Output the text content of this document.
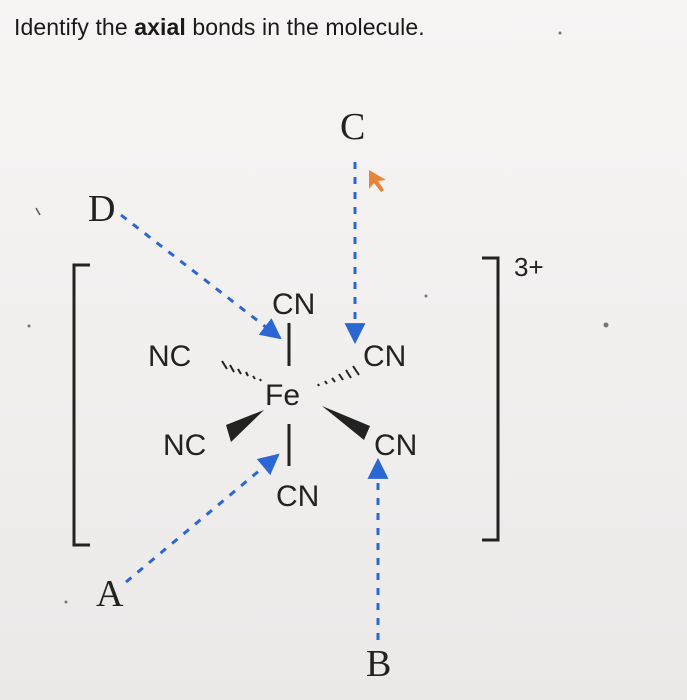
Identify the axial bonds in the molecule.
3+
Fe
CN
CN
NC	CN
NC	CN
D
C
A
B
